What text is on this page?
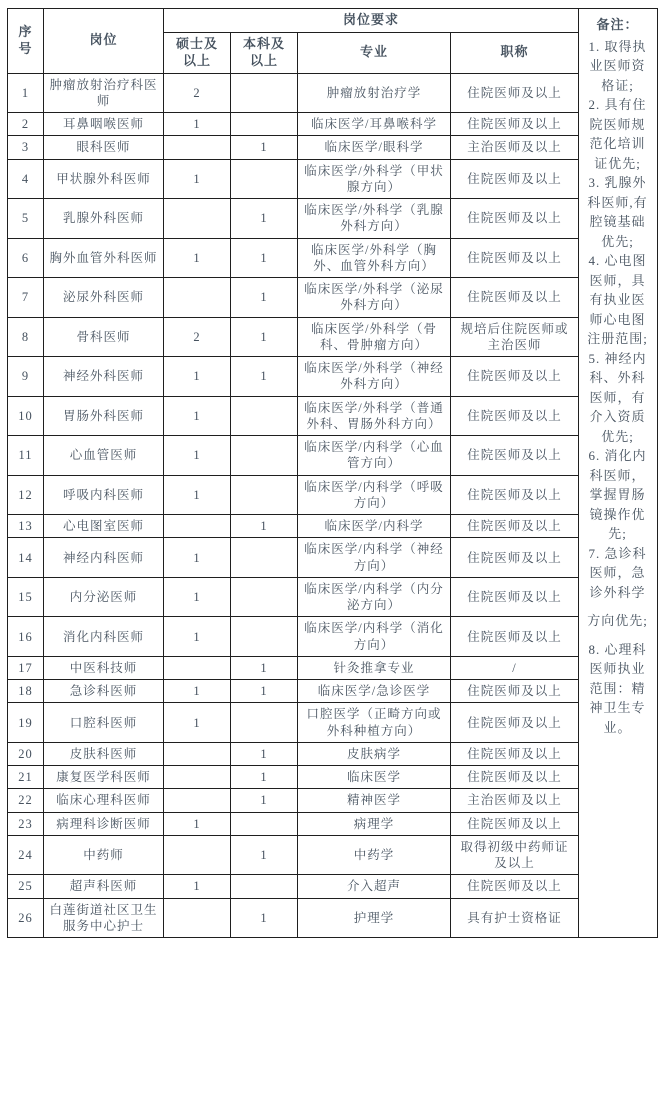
序号	岗位	岗位要求			
		硕士及以上	本科及以上	专业	职称
1	肿瘤放射治疗科医师	2		肿瘤放射治疗学	住院医师及以上
2	耳鼻咽喉医师	1		临床医学/耳鼻喉科学	住院医师及以上
3	眼科医师		1	临床医学/眼科学	主治医师及以上
4	甲状腺外科医师	1		临床医学/外科学（甲状腺方向）	住院医师及以上
5	乳腺外科医师		1	临床医学/外科学（乳腺外科方向）	住院医师及以上
6	胸外血管外科医师	1	1	临床医学/外科学（胸外、血管外科方向）	住院医师及以上
7	泌尿外科医师		1	临床医学/外科学（泌尿外科方向）	住院医师及以上
8	骨科医师	2	1	临床医学/外科学（骨科、骨肿瘤方向）	规培后住院医师或主治医师
9	神经外科医师	1	1	临床医学/外科学（神经外科方向）	住院医师及以上
10	胃肠外科医师	1		临床医学/外科学（普通外科、胃肠外科方向）	住院医师及以上
11	心血管医师	1		临床医学/内科学（心血管方向）	住院医师及以上
12	呼吸内科医师	1		临床医学/内科学（呼吸方向）	住院医师及以上
13	心电图室医师		1	临床医学/内科学	住院医师及以上
14	神经内科医师	1		临床医学/内科学（神经方向）	住院医师及以上
15	内分泌医师	1		临床医学/内科学（内分泌方向）	住院医师及以上
16	消化内科医师	1		临床医学/内科学（消化方向）	住院医师及以上
17	中医科技师		1	针灸推拿专业	/
18	急诊科医师	1	1	临床医学/急诊医学	住院医师及以上
19	口腔科医师	1		口腔医学（正畸方向或外科种植方向）	住院医师及以上
20	皮肤科医师		1	皮肤病学	住院医师及以上
21	康复医学科医师		1	临床医学	住院医师及以上
22	临床心理科医师		1	精神医学	主治医师及以上
23	病理科诊断医师	1		病理学	住院医师及以上
24	中药师		1	中药学	取得初级中药师证及以上
25	超声科医师	1		介入超声	住院医师及以上
26	白莲街道社区卫生服务中心护士		1	护理学	具有护士资格证

备注：

1. 取得执业医师资格证;

2. 具有住院医师规范化培训证优先;

3. 乳腺外科医师,有腔镜基础优先;

4. 心电图医师，具有执业医师心电图注册范围;

5. 神经内科、外科医师，有介入资质优先;

6. 消化内科医师，掌握胃肠镜操作优先;

7. 急诊科医师，急诊外科学

方向优先;

8. 心理科医师执业范围：精神卫生专业。
